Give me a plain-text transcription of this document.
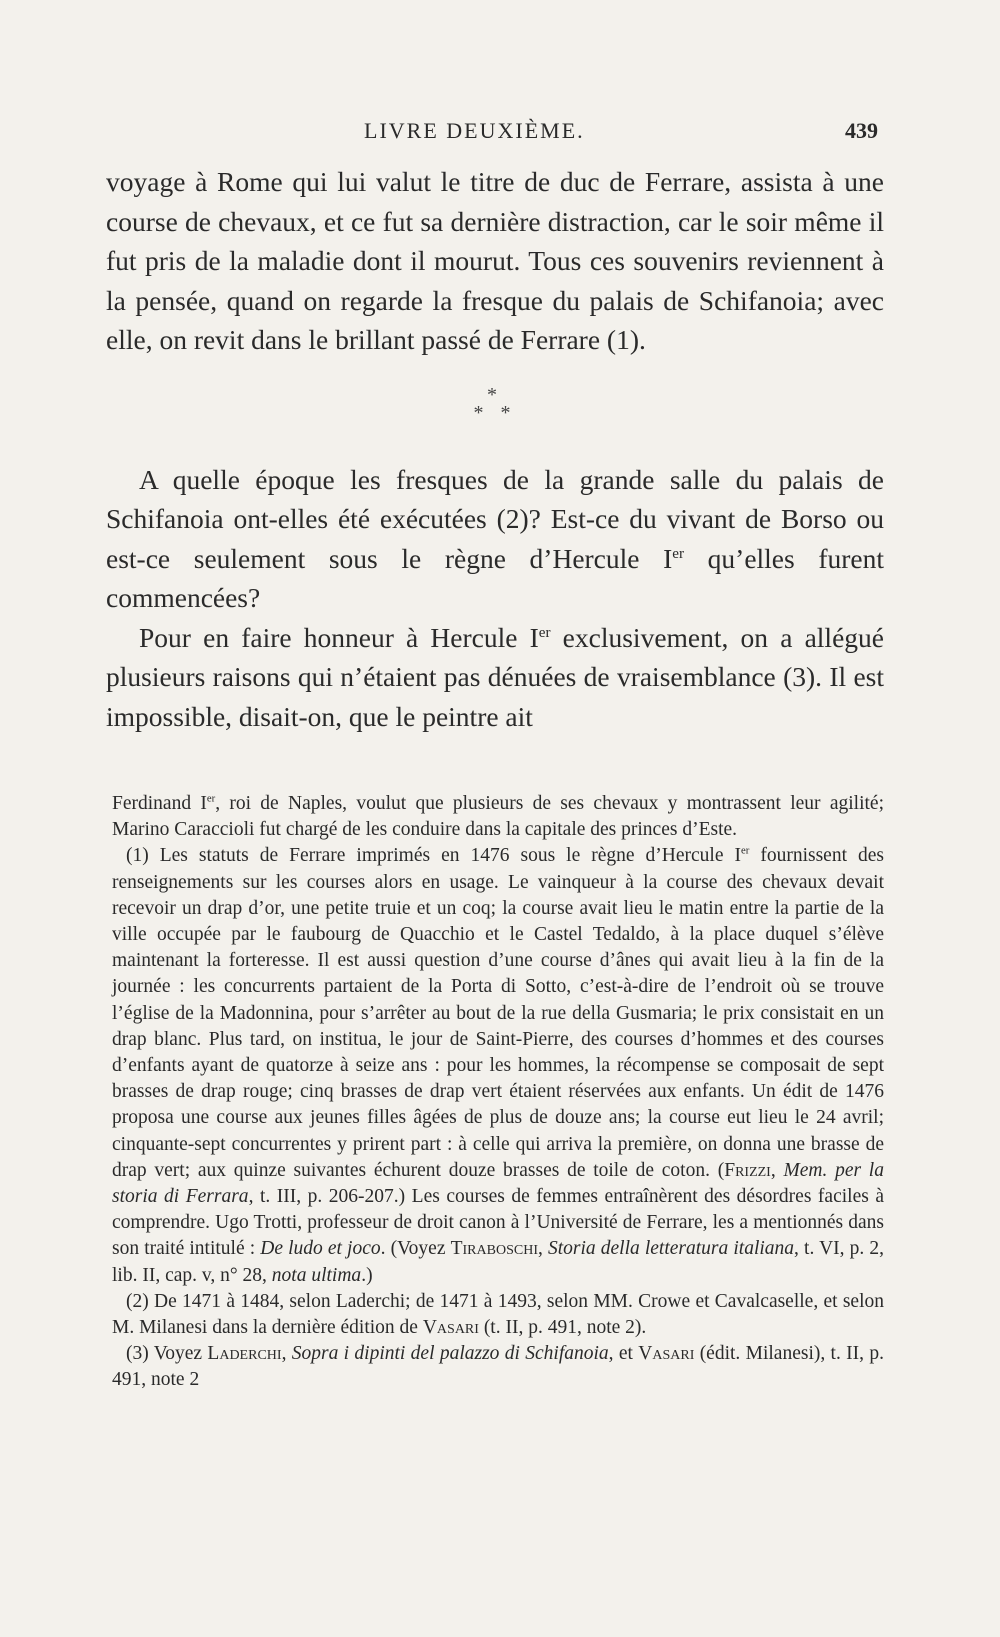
LIVRE DEUXIÈME.	439

voyage à Rome qui lui valut le titre de duc de Ferrare, assista à une course de chevaux, et ce fut sa dernière distraction, car le soir même il fut pris de la maladie dont il mourut. Tous ces souvenirs reviennent à la pensée, quand on regarde la fresque du palais de Schifanoia; avec elle, on revit dans le brillant passé de Ferrare (1).

*
* *

A quelle époque les fresques de la grande salle du palais de Schifanoia ont-elles été exécutées (2)? Est-ce du vivant de Borso ou est-ce seulement sous le règne d’Hercule Ier qu’elles furent commencées?

Pour en faire honneur à Hercule Ier exclusivement, on a allégué plusieurs raisons qui n’étaient pas dénuées de vraisemblance (3). Il est impossible, disait-on, que le peintre ait

Ferdinand Ier, roi de Naples, voulut que plusieurs de ses chevaux y montrassent leur agilité; Marino Caraccioli fut chargé de les conduire dans la capitale des princes d’Este.

(1) Les statuts de Ferrare imprimés en 1476 sous le règne d’Hercule Ier fournissent des renseignements sur les courses alors en usage. Le vainqueur à la course des chevaux devait recevoir un drap d’or, une petite truie et un coq; la course avait lieu le matin entre la partie de la ville occupée par le faubourg de Quacchio et le Castel Tedaldo, à la place duquel s’élève maintenant la forteresse. Il est aussi question d’une course d’ânes qui avait lieu à la fin de la journée : les concurrents partaient de la Porta di Sotto, c’est-à-dire de l’endroit où se trouve l’église de la Madonnina, pour s’arrêter au bout de la rue della Gusmaria; le prix consistait en un drap blanc. Plus tard, on institua, le jour de Saint-Pierre, des courses d’hommes et des courses d’enfants ayant de quatorze à seize ans : pour les hommes, la récompense se composait de sept brasses de drap rouge; cinq brasses de drap vert étaient réservées aux enfants. Un édit de 1476 proposa une course aux jeunes filles âgées de plus de douze ans; la course eut lieu le 24 avril; cinquante-sept concurrentes y prirent part : à celle qui arriva la première, on donna une brasse de drap vert; aux quinze suivantes échurent douze brasses de toile de coton. (Frizzi, Mem. per la storia di Ferrara, t. III, p. 206-207.) Les courses de femmes entraînèrent des désordres faciles à comprendre. Ugo Trotti, professeur de droit canon à l’Université de Ferrare, les a mentionnés dans son traité intitulé : De ludo et joco. (Voyez Tiraboschi, Storia della letteratura italiana, t. VI, p. 2, lib. II, cap. v, n° 28, nota ultima.)

(2) De 1471 à 1484, selon Laderchi; de 1471 à 1493, selon MM. Crowe et Cavalcaselle, et selon M. Milanesi dans la dernière édition de Vasari (t. II, p. 491, note 2).

(3) Voyez Laderchi, Sopra i dipinti del palazzo di Schifanoia, et Vasari (édit. Milanesi), t. II, p. 491, note 2
